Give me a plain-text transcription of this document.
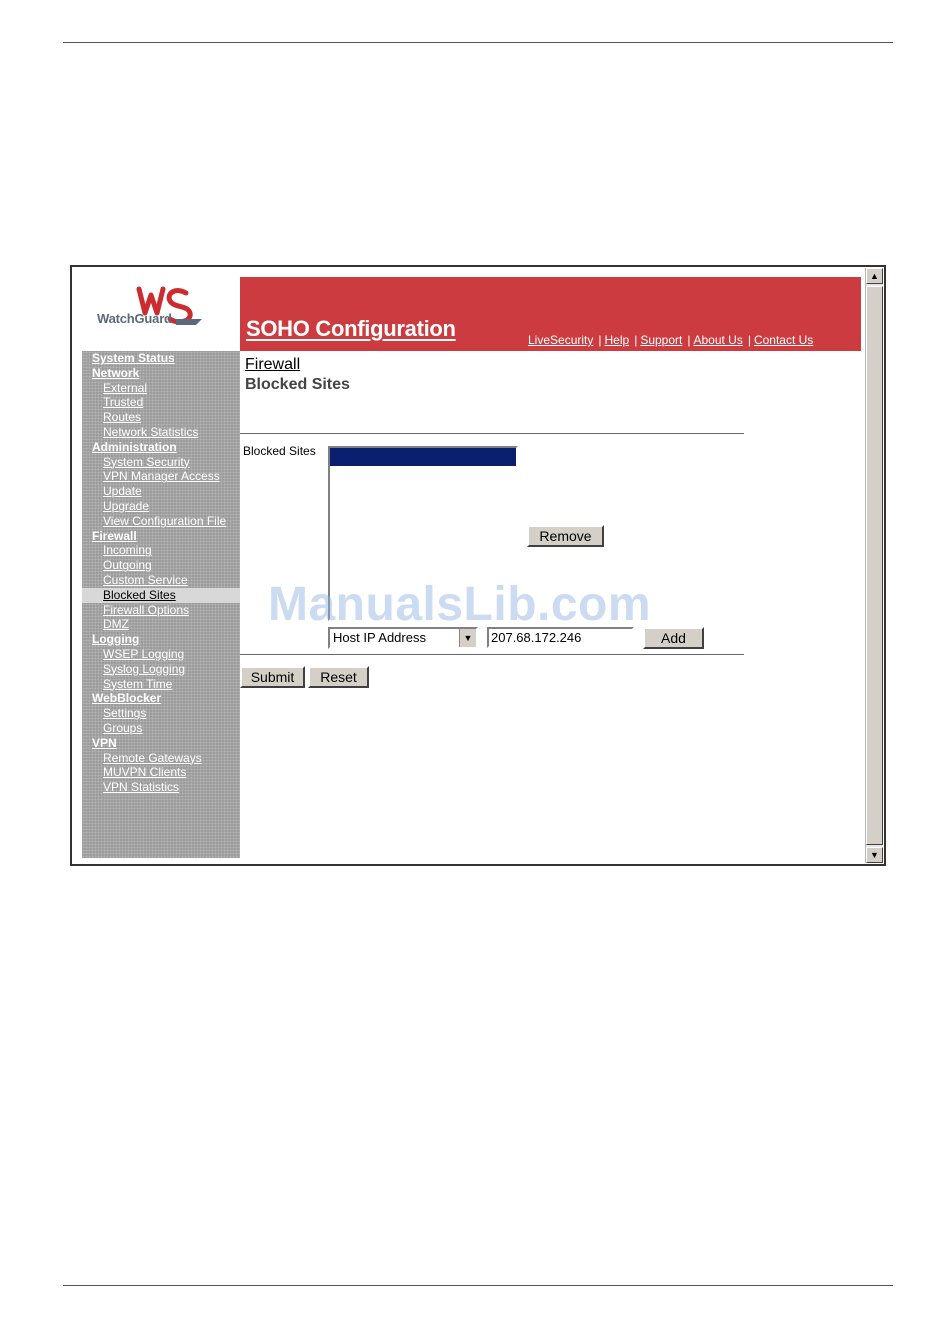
WatchGuard	SOHO Configuration	LiveSecurity | Help | Support | About Us | Contact Us
System Status
Network
External
Trusted
Routes
Network Statistics
Administration
System Security
VPN Manager Access
Update
Upgrade
View Configuration File
Firewall
Incoming
Outgoing
Custom Service
Blocked Sites
Firewall Options
DMZ
Logging
WSEP Logging
Syslog Logging
System Time
WebBlocker
Settings
Groups
VPN
Remote Gateways
MUVPN Clients
VPN Statistics
Firewall
Blocked Sites
Blocked Sites
Remove
Host IP Address	▼	207.68.172.246	Add
Submit	Reset
▲
▼
ManualsLib.com
